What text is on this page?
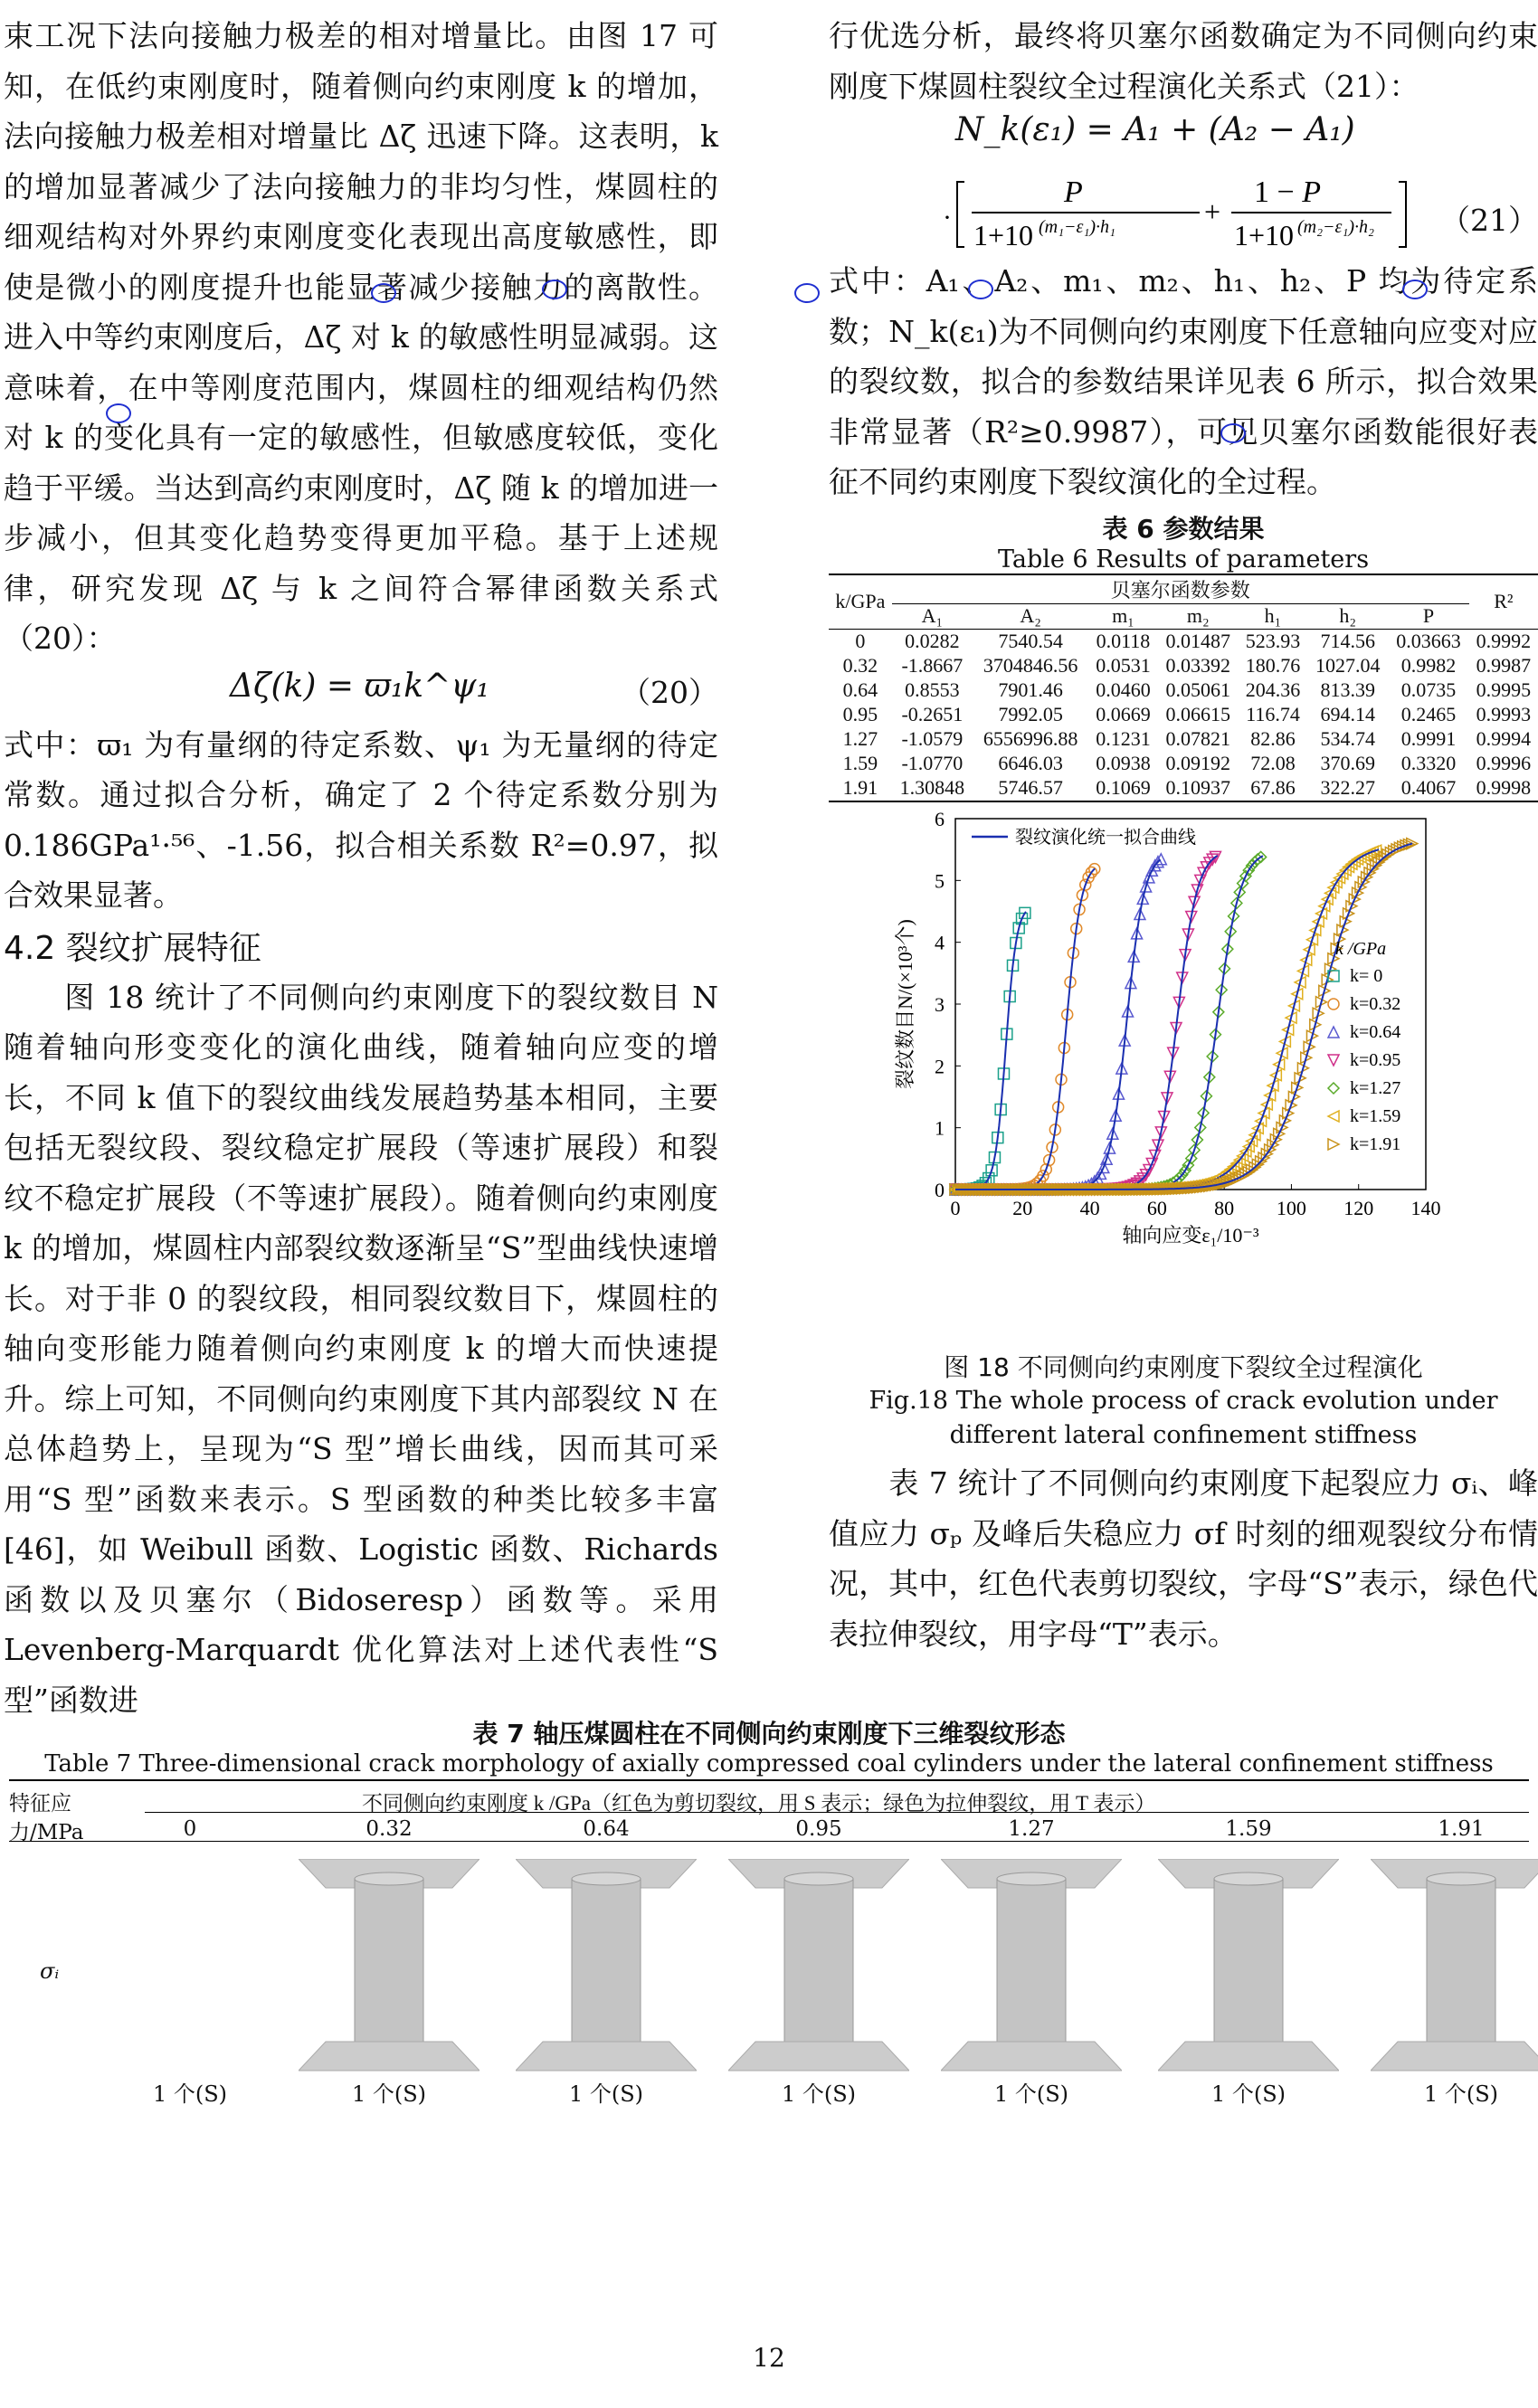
束工况下法向接触力极差的相对增量比。由图 17 可知，在低约束刚度时，随着侧向约束刚度 k 的增加，法向接触力极差相对增量比 Δζ 迅速下降。这表明，k 的增加显著减少了法向接触力的非均匀性，煤圆柱的细观结构对外界约束刚度变化表现出高度敏感性，即使是微小的刚度提升也能显著减少接触力的离散性。进入中等约束刚度后，Δζ 对 k 的敏感性明显减弱。这意味着，在中等刚度范围内，煤圆柱的细观结构仍然对 k 的变化具有一定的敏感性，但敏感度较低，变化趋于平缓。当达到高约束刚度时，Δζ 随 k 的增加进一步减小，但其变化趋势变得更加平稳。基于上述规律，研究发现 Δζ 与 k 之间符合幂律函数关系式（20）：

Δζ(k) = ϖ₁k^ψ₁	（20）

式中：ϖ₁ 为有量纲的待定系数、ψ₁ 为无量纲的待定常数。通过拟合分析，确定了 2 个待定系数分别为 0.186GPa¹·⁵⁶、-1.56，拟合相关系数 R²=0.97，拟合效果显著。

4.2 裂纹扩展特征

图 18 统计了不同侧向约束刚度下的裂纹数目 N 随着轴向形变变化的演化曲线，随着轴向应变的增长，不同 k 值下的裂纹曲线发展趋势基本相同，主要包括无裂纹段、裂纹稳定扩展段（等速扩展段）和裂纹不稳定扩展段（不等速扩展段）。随着侧向约束刚度 k 的增加，煤圆柱内部裂纹数逐渐呈“S”型曲线快速增长。对于非 0 的裂纹段，相同裂纹数目下，煤圆柱的轴向变形能力随着侧向约束刚度 k 的增大而快速提升。综上可知，不同侧向约束刚度下其内部裂纹 N 在总体趋势上，呈现为“S 型”增长曲线，因而其可采用“S 型”函数来表示。S 型函数的种类比较多丰富[46]，如 Weibull 函数、Logistic 函数、Richards 函数以及贝塞尔（Bidoseresp）函数等。采用 Levenberg-Marquardt 优化算法对上述代表性“S 型”函数进

行优选分析，最终将贝塞尔函数确定为不同侧向约束刚度下煤圆柱裂纹全过程演化关系式（21）：

N_k(ε₁) = A₁ + (A₂ − A₁)
·
P
1+10 (m₁−ε₁)·h₁	+
1 − P
1+10 (m₂−ε₁)·h₂ （21）

式中：A₁、A₂、m₁、m₂、h₁、h₂、P 均为待定系数；N_k(ε₁)为不同侧向约束刚度下任意轴向应变对应的裂纹数，拟合的参数结果详见表 6 所示，拟合效果非常显著（R²≥0.9987），可见贝塞尔函数能很好表征不同约束刚度下裂纹演化的全过程。

表 6 参数结果
Table 6 Results of parameters
k/GPa	贝塞尔函数参数							R²
	A₁	A₂	m₁	m₂	h₁	h₂	P	
0	0.0282	7540.54	0.0118	0.01487	523.93	714.56	0.03663	0.9992
0.32	-1.8667	3704846.56	0.0531	0.03392	180.76	1027.04	0.9982	0.9987
0.64	0.8553	7901.46	0.0460	0.05061	204.36	813.39	0.0735	0.9995
0.95	-0.2651	7992.05	0.0669	0.06615	116.74	694.14	0.2465	0.9993
1.27	-1.0579	6556996.88	0.1231	0.07821	82.86	534.74	0.9991	0.9994
1.59	-1.0770	6646.03	0.0938	0.09192	72.08	370.69	0.3320	0.9996
1.91	1.30848	5746.57	0.1069	0.10937	67.86	322.27	0.4067	0.9998
0	20 40 60 80 100 120 140
0
1
2
3
4
5
6
轴向应变ε₁/10⁻³
裂纹数目N/(×10³个)
裂纹演化统一拟合曲线
k /GPa
k= 0
k=0.32
k=0.64
k=0.95
k=1.27
k=1.59
k=1.91
图 18 不同侧向约束刚度下裂纹全过程演化
Fig.18 The whole process of crack evolution under different lateral confinement stiffness

表 7 统计了不同侧向约束刚度下起裂应力 σᵢ、峰值应力 σₚ 及峰后失稳应力 σf 时刻的细观裂纹分布情况，其中，红色代表剪切裂纹，字母“S”表示，绿色代表拉伸裂纹，用字母“T”表示。

表 7 轴压煤圆柱在不同侧向约束刚度下三维裂纹形态
Table 7 Three-dimensional crack morphology of axially compressed coal cylinders under the lateral confinement stiffness
特征应
力/MPa
不同侧向约束刚度 k /GPa（红色为剪切裂纹，用 S 表示；绿色为拉伸裂纹，用 T 表示）
0	0.32	0.64	0.95	1.27	1.59	1.91
σᵢ
1 个(S)	1 个(S)	1 个(S)	1 个(S)	1 个(S)	1 个(S)	1 个(S)
12
